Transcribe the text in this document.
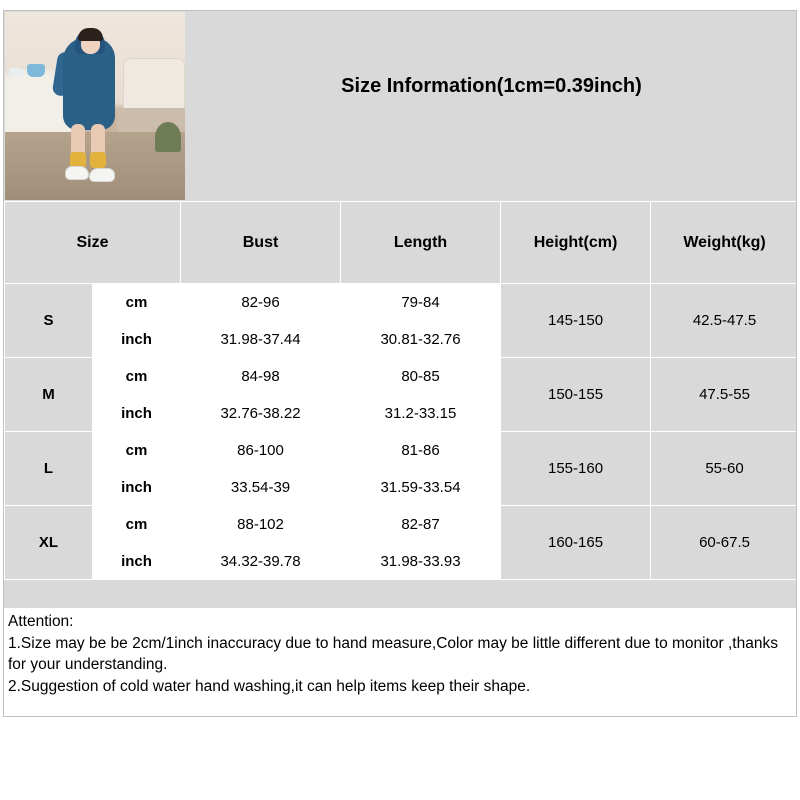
Size Information(1cm=0.39inch)
Size		Bust	Length	Height(cm)	Weight(kg)
S	cm	82-96	79-84	145-150	42.5-47.5
	inch	31.98-37.44	30.81-32.76		
M	cm	84-98	80-85	150-155	47.5-55
	inch	32.76-38.22	31.2-33.15		
L	cm	86-100	81-86	155-160	55-60
	inch	33.54-39	31.59-33.54		
XL	cm	88-102	82-87	160-165	60-67.5
	inch	34.32-39.78	31.98-33.93		

Attention:

1.Size may be be 2cm/1inch inaccuracy due to hand measure,Color may be little different due to monitor ,thanks for your understanding.

2.Suggestion of cold water hand washing,it can help items keep their shape.
